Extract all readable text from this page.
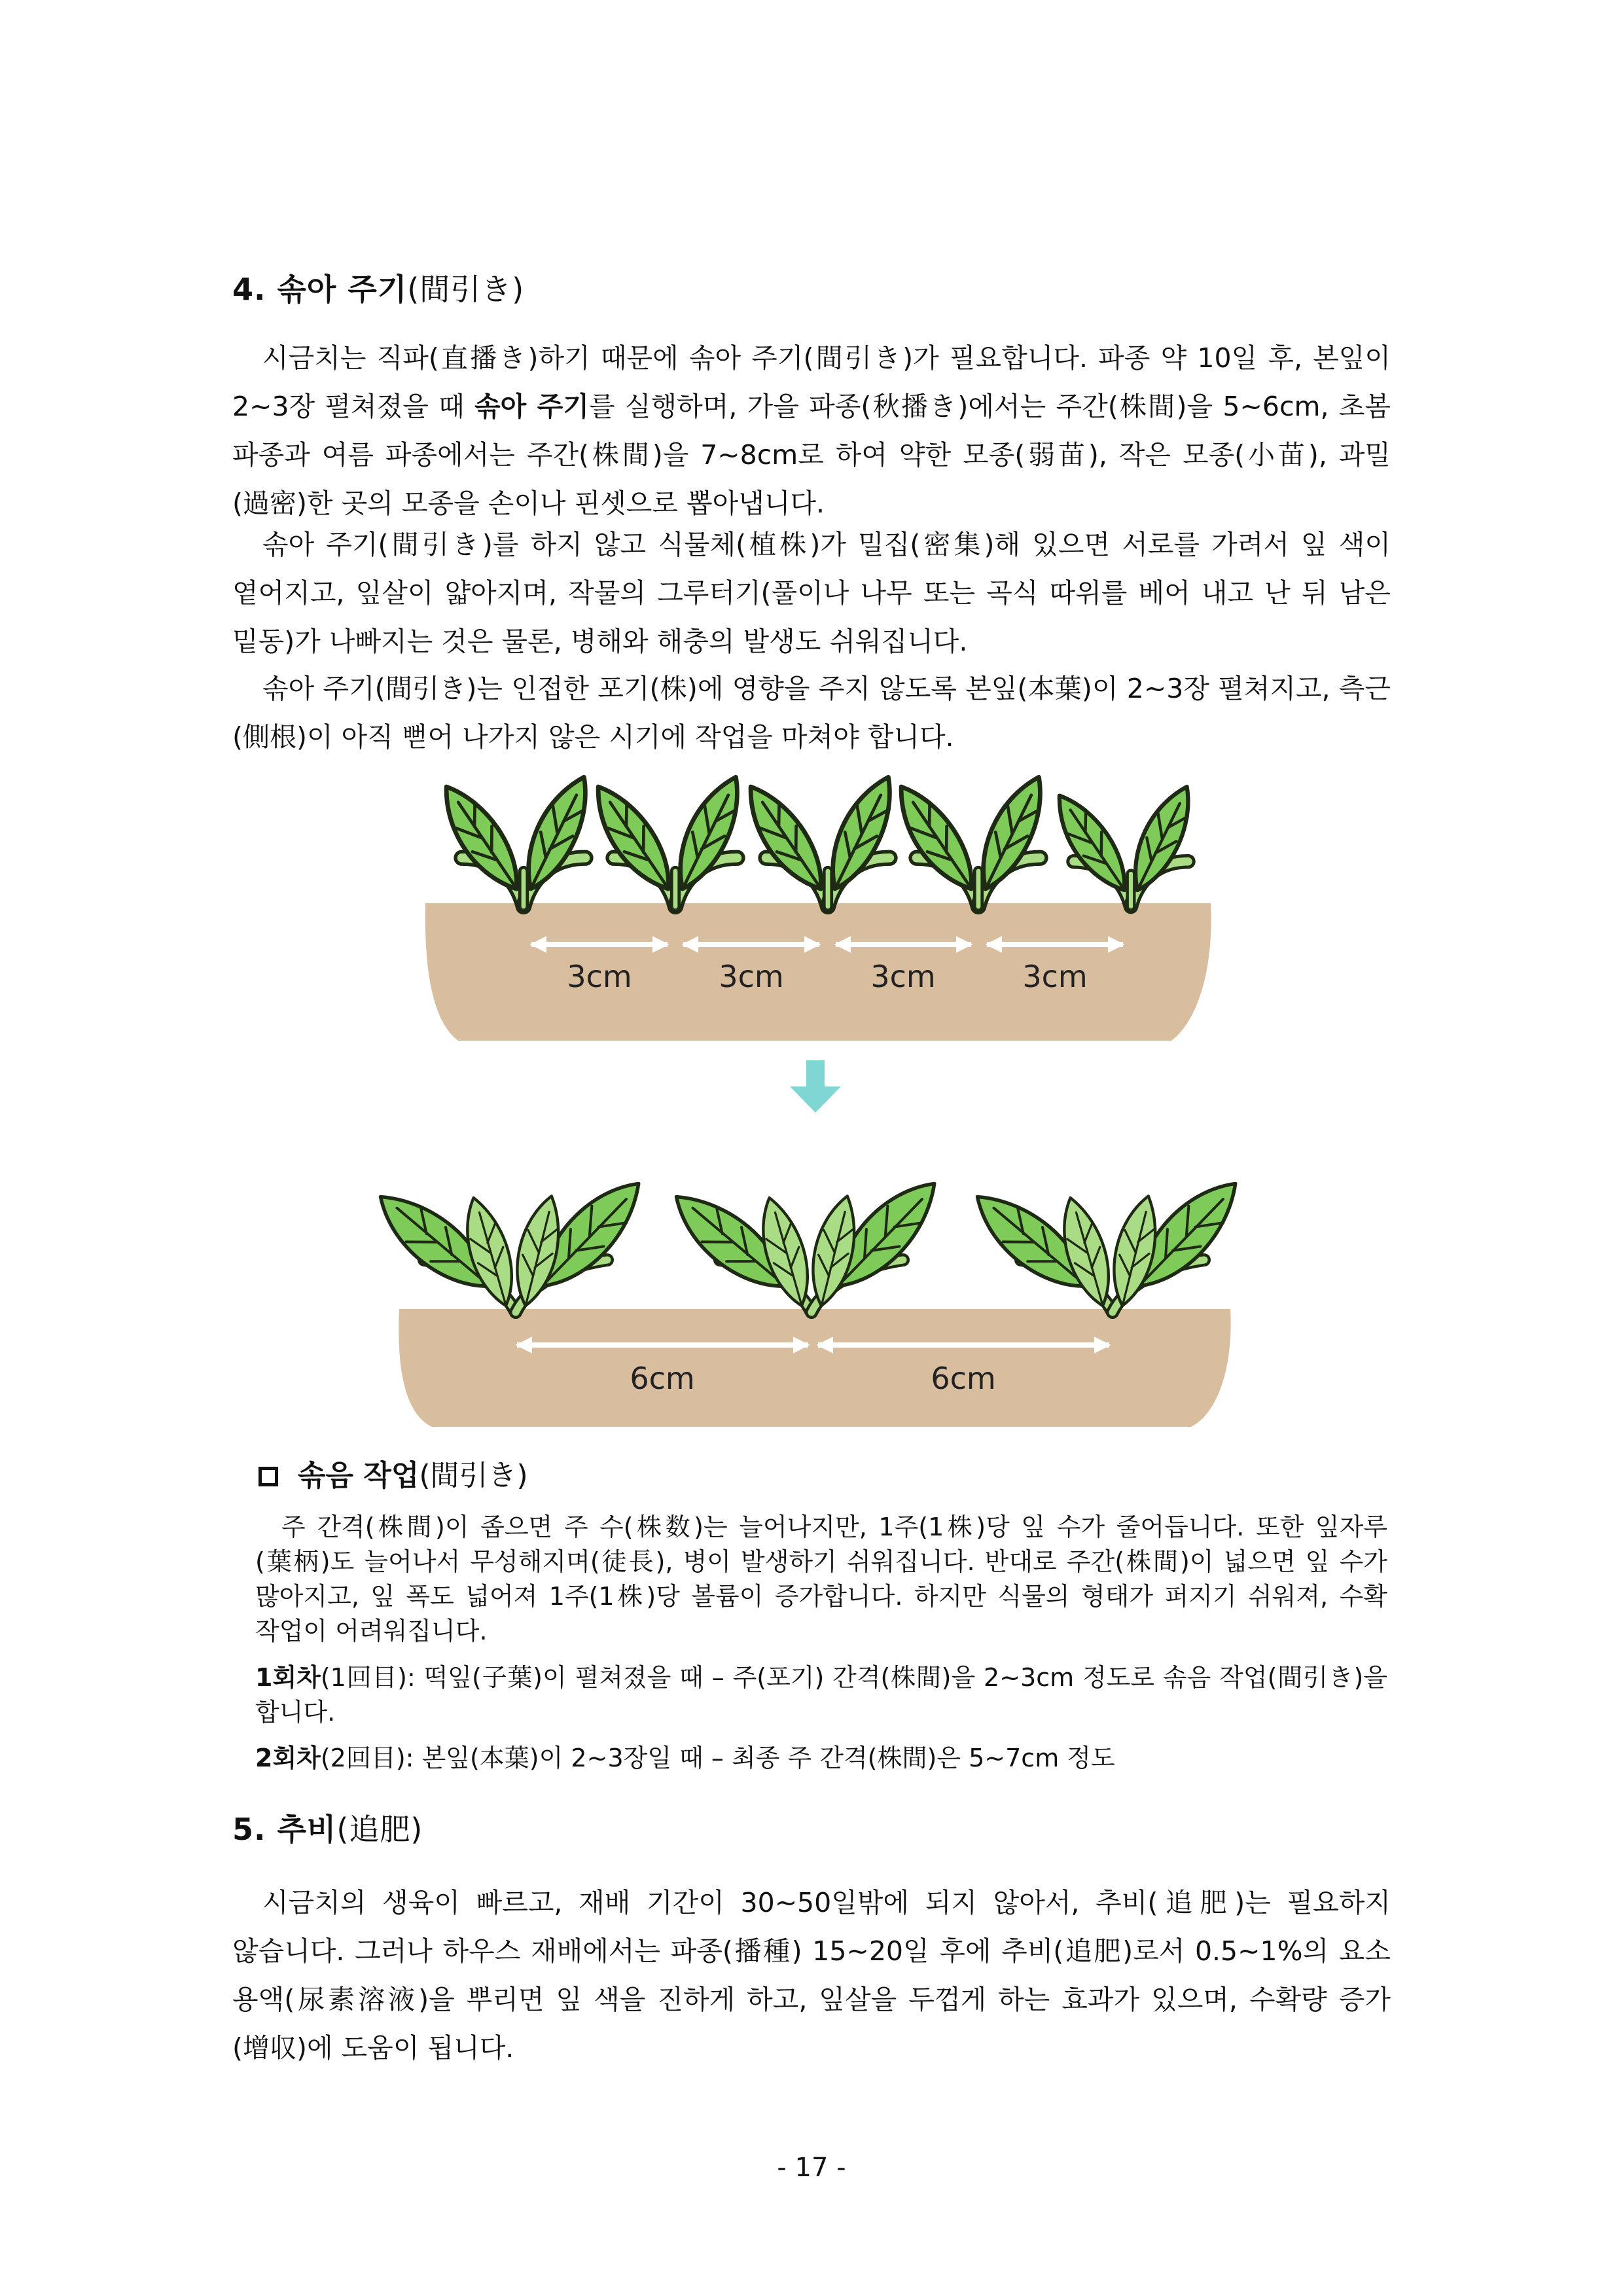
4. 솎아 주기(間引き)

시금치는 직파(直播き)하기 때문에 솎아 주기(間引き)가 필요합니다. 파종 약 10일 후, 본잎이 2~3장 펼쳐졌을 때 솎아 주기를 실행하며, 가을 파종(秋播き)에서는 주간(株間)을 5~6cm, 초봄 파종과 여름 파종에서는 주간(株間)을 7~8cm로 하여 약한 모종(弱苗), 작은 모종(小苗), 과밀(過密)한 곳의 모종을 손이나 핀셋으로 뽑아냅니다.

솎아 주기(間引き)를 하지 않고 식물체(植株)가 밀집(密集)해 있으면 서로를 가려서 잎 색이 옅어지고, 잎살이 얇아지며, 작물의 그루터기(풀이나 나무 또는 곡식 따위를 베어 내고 난 뒤 남은 밑동)가 나빠지는 것은 물론, 병해와 해충의 발생도 쉬워집니다.

솎아 주기(間引き)는 인접한 포기(株)에 영향을 주지 않도록 본잎(本葉)이 2~3장 펼쳐지고, 측근(側根)이 아직 뻗어 나가지 않은 시기에 작업을 마쳐야 합니다.

3cm	3cm	3cm	3cm
6cm	6cm
솎음 작업(間引き)

주 간격(株間)이 좁으면 주 수(株数)는 늘어나지만, 1주(1株)당 잎 수가 줄어듭니다. 또한 잎자루(葉柄)도 늘어나서 무성해지며(徒長), 병이 발생하기 쉬워집니다. 반대로 주간(株間)이 넓으면 잎 수가 많아지고, 잎 폭도 넓어져 1주(1株)당 볼륨이 증가합니다. 하지만 식물의 형태가 퍼지기 쉬워져, 수확 작업이 어려워집니다.

1회차(1回目): 떡잎(子葉)이 펼쳐졌을 때 – 주(포기) 간격(株間)을 2~3cm 정도로 솎음 작업(間引き)을 합니다.

2회차(2回目): 본잎(本葉)이 2~3장일 때 – 최종 주 간격(株間)은 5~7cm 정도

5. 추비(追肥)

시금치의 생육이 빠르고, 재배 기간이 30~50일밖에 되지 않아서, 추비(追肥)는 필요하지 않습니다. 그러나 하우스 재배에서는 파종(播種) 15~20일 후에 추비(追肥)로서 0.5~1%의 요소 용액(尿素溶液)을 뿌리면 잎 색을 진하게 하고, 잎살을 두껍게 하는 효과가 있으며, 수확량 증가(增収)에 도움이 됩니다.

- 17 -
